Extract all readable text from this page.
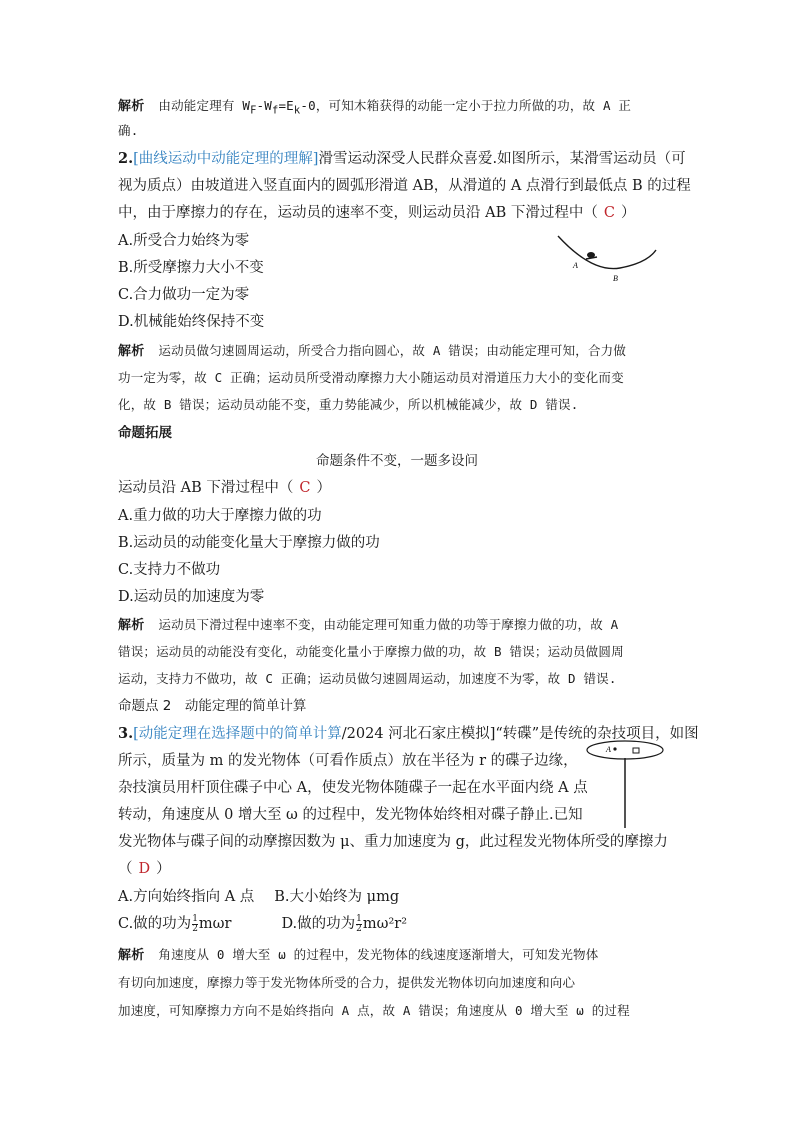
解析 由动能定理有 $W_F-W_f=E_k-0$，可知木箱获得的动能一定小于拉力所做的功，故 A 正
确.
2.[曲线运动中动能定理的理解]滑雪运动深受人民群众喜爱.如图所示，某滑雪运动员（可
视为质点）由坡道进入竖直面内的圆弧形滑道 AB，从滑道的 A 点滑行到最低点 B 的过程
中，由于摩擦力的存在，运动员的速率不变，则运动员沿 AB 下滑过程中（ C ）
A.所受合力始终为零
B.所受摩擦力大小不变
C.合力做功一定为零
D.机械能始终保持不变
A
B
解析 运动员做匀速圆周运动，所受合力指向圆心，故 A 错误；由动能定理可知，合力做
功一定为零，故 C 正确；运动员所受滑动摩擦力大小随运动员对滑道压力大小的变化而变
化，故 B 错误；运动员动能不变，重力势能减少，所以机械能减少，故 D 错误.
命题拓展
命题条件不变，一题多设问
运动员沿 AB 下滑过程中（ C ）
A.重力做的功大于摩擦力做的功
B.运动员的动能变化量大于摩擦力做的功
C.支持力不做功
D.运动员的加速度为零
解析 运动员下滑过程中速率不变，由动能定理可知重力做的功等于摩擦力做的功，故 A
错误；运动员的动能没有变化，动能变化量小于摩擦力做的功，故 B 错误；运动员做圆周
运动，支持力不做功，故 C 正确；运动员做匀速圆周运动，加速度不为零，故 D 错误.
命题点 2　动能定理的简单计算
3.[动能定理在选择题中的简单计算/2024 河北石家庄模拟]“转碟”是传统的杂技项目，如图
所示，质量为 m 的发光物体（可看作质点）放在半径为 r 的碟子边缘，
杂技演员用杆顶住碟子中心 A，使发光物体随碟子一起在水平面内绕 A 点
转动，角速度从 0 增大至 ω 的过程中，发光物体始终相对碟子静止.已知
发光物体与碟子间的动摩擦因数为 μ、重力加速度为 g，此过程发光物体所受的摩擦力
（ D ）
A.方向始终指向 A 点 B.大小始终为 μmg
C.做的功为 $\frac{1}{2}$ mωr	D.做的功为 $\frac{1}{2} m\omega^2r^2$
A
解析 角速度从 0 增大至 ω 的过程中，发光物体的线速度逐渐增大，可知发光物体
有切向加速度，摩擦力等于发光物体所受的合力，提供发光物体切向加速度和向心
加速度，可知摩擦力方向不是始终指向 A 点，故 A 错误；角速度从 0 增大至 ω 的过程
